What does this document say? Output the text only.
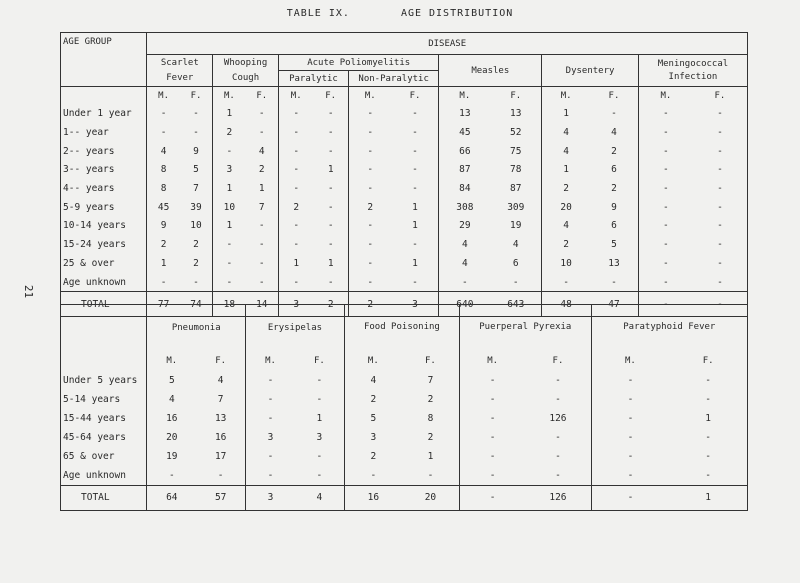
TABLE IX.	AGE DISTRIBUTION
21
AGE GROUP	DISEASE													
	Scarlet Fever		Whooping Cough		Acute Poliomyelitis				Measles		Dysentery		Meningococcal Infection	
					Paralytic		Non-Paralytic							
	M.	F.	M.	F.	M.	F.	M.	F.	M.	F.	M.	F.	M.	F.
Under 1 year	-	-	1	-	-	-	-	-	13	13	1	-	-	-
1-- year	-	-	2	-	-	-	-	-	45	52	4	4	-	-
2-- years	4	9	-	4	-	-	-	-	66	75	4	2	-	-
3-- years	8	5	3	2	-	1	-	-	87	78	1	6	-	-
4-- years	8	7	1	1	-	-	-	-	84	87	2	2	-	-
5-9 years	45	39	10	7	2	-	2	1	308	309	20	9	-	-
10-14 years	9	10	1	-	-	-	-	1	29	19	4	6	-	-
15-24 years	2	2	-	-	-	-	-	-	4	4	2	5	-	-
25 & over	1	2	-	-	1	1	-	1	4	6	10	13	-	-
Age unknown	-	-	-	-	-	-	-	-	-	-	-	-	-	-
TOTAL	77	74	18	14	3	2	2	3	640	643	48	47	-	-
	Pneumonia		Erysipelas		Food Poisoning		Puerperal Pyrexia		Paratyphoid Fever	
	M.	F.	M.	F.	M.	F.	M.	F.	M.	F.
Under 5 years	5	4	-	-	4	7	-	-	-	-
5-14 years	4	7	-	-	2	2	-	-	-	-
15-44 years	16	13	-	1	5	8	-	126	-	1
45-64 years	20	16	3	3	3	2	-	-	-	-
65 & over	19	17	-	-	2	1	-	-	-	-
Age unknown	-	-	-	-	-	-	-	-	-	-
TOTAL	64	57	3	4	16	20	-	126	-	1
